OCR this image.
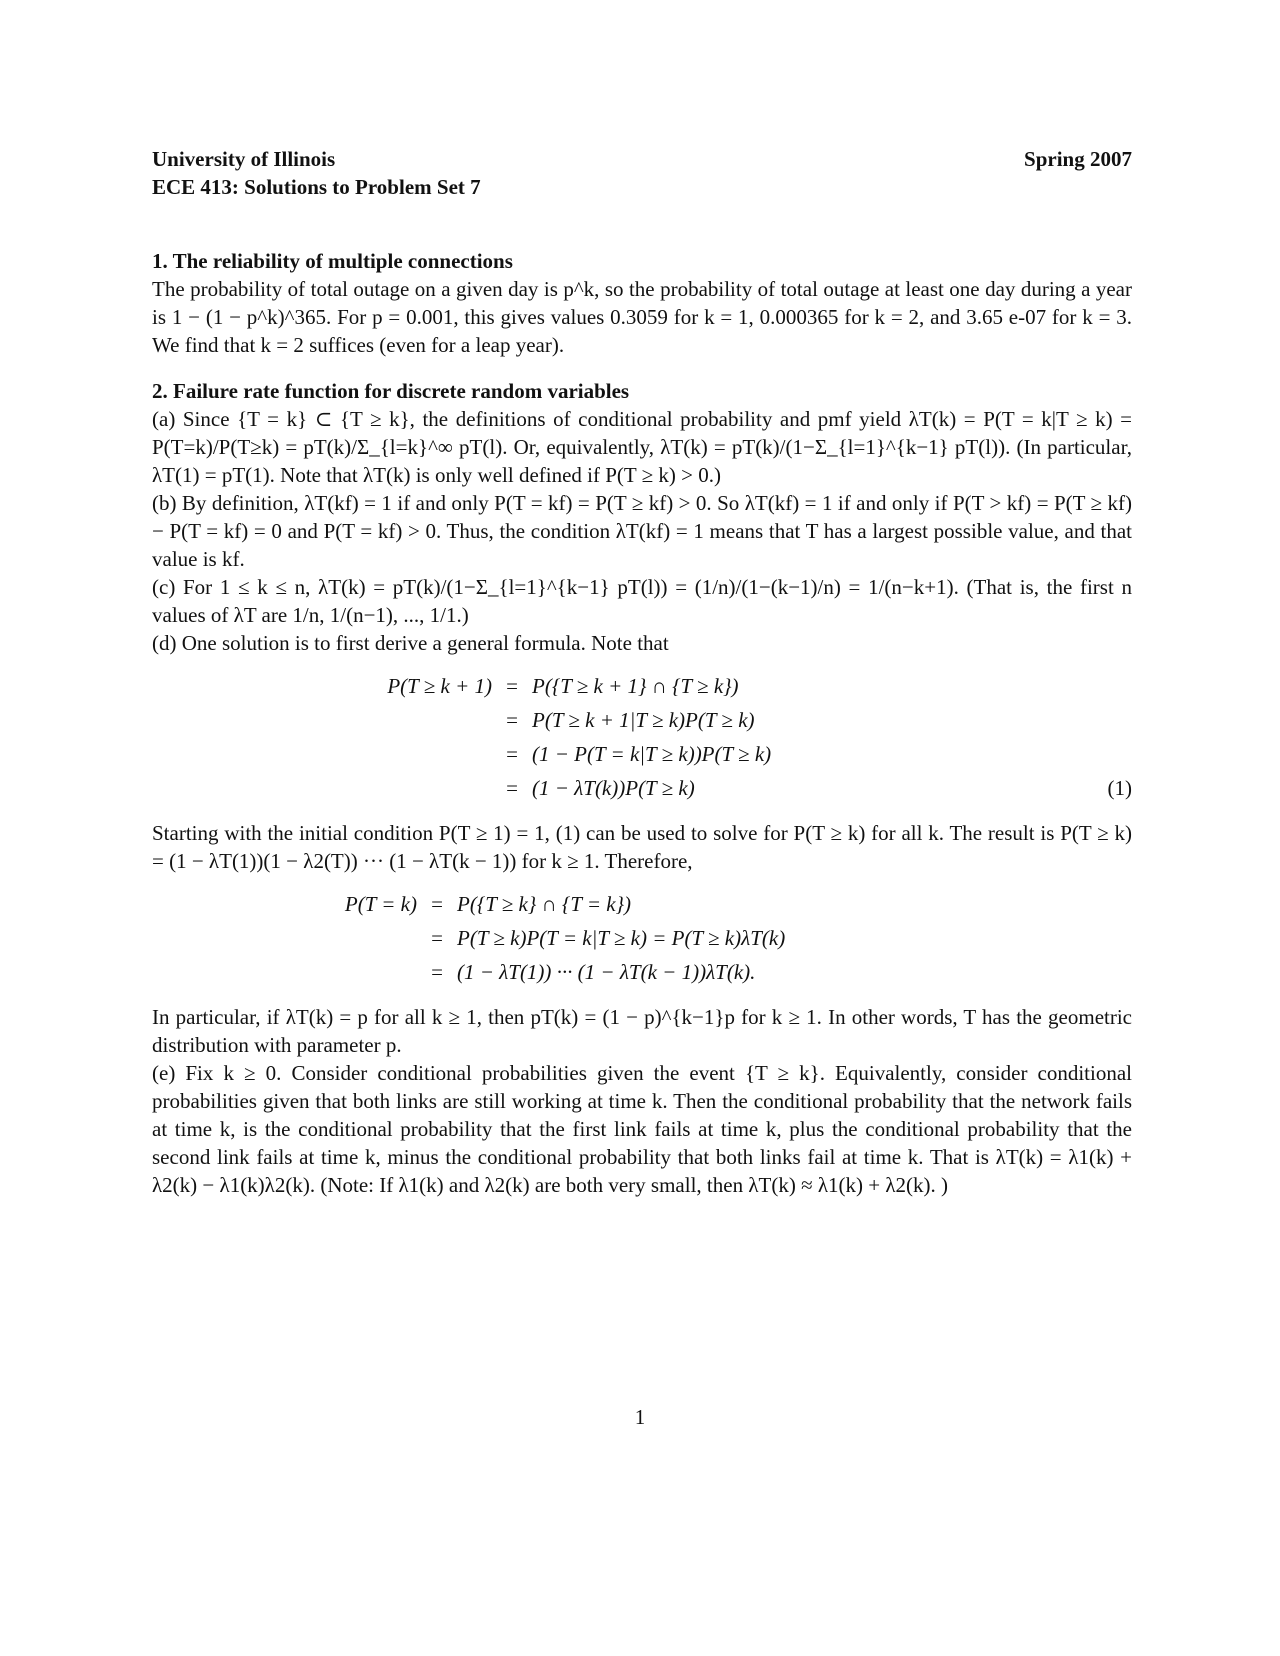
University of Illinois	Spring 2007
ECE 413: Solutions to Problem Set 7
1. The reliability of multiple connections

The probability of total outage on a given day is p^k, so the probability of total outage at least one day during a year is 1 − (1 − p^k)^365. For p = 0.001, this gives values 0.3059 for k = 1, 0.000365 for k = 2, and 3.65 e-07 for k = 3. We find that k = 2 suffices (even for a leap year).

2. Failure rate function for discrete random variables

(a) Since {T = k} ⊂ {T ≥ k}, the definitions of conditional probability and pmf yield λT(k) = P(T = k|T ≥ k) = P(T=k)/P(T≥k) = pT(k)/Σ_{l=k}^∞ pT(l). Or, equivalently, λT(k) = pT(k)/(1−Σ_{l=1}^{k−1} pT(l)). (In particular, λT(1) = pT(1). Note that λT(k) is only well defined if P(T ≥ k) > 0.)

(b) By definition, λT(kf) = 1 if and only P(T = kf) = P(T ≥ kf) > 0. So λT(kf) = 1 if and only if P(T > kf) = P(T ≥ kf) − P(T = kf) = 0 and P(T = kf) > 0. Thus, the condition λT(kf) = 1 means that T has a largest possible value, and that value is kf.

(c) For 1 ≤ k ≤ n, λT(k) = pT(k)/(1−Σ_{l=1}^{k−1} pT(l)) = (1/n)/(1−(k−1)/n) = 1/(n−k+1). (That is, the first n values of λT are 1/n, 1/(n−1), ..., 1/1.)

(d) One solution is to first derive a general formula. Note that

P(T ≥ k + 1) = P({T ≥ k + 1} ∩ {T ≥ k})
= P(T ≥ k + 1|T ≥ k)P(T ≥ k)
= (1 − P(T = k|T ≥ k))P(T ≥ k)
= (1 − λT(k))P(T ≥ k)	(1)

Starting with the initial condition P(T ≥ 1) = 1, (1) can be used to solve for P(T ≥ k) for all k. The result is P(T ≥ k) = (1 − λT(1))(1 − λ2(T)) ··· (1 − λT(k − 1)) for k ≥ 1. Therefore,

P(T = k) = P({T ≥ k} ∩ {T = k})
= P(T ≥ k)P(T = k|T ≥ k) = P(T ≥ k)λT(k)
= (1 − λT(1)) ··· (1 − λT(k − 1))λT(k).

In particular, if λT(k) = p for all k ≥ 1, then pT(k) = (1 − p)^{k−1}p for k ≥ 1. In other words, T has the geometric distribution with parameter p.

(e) Fix k ≥ 0. Consider conditional probabilities given the event {T ≥ k}. Equivalently, consider conditional probabilities given that both links are still working at time k. Then the conditional probability that the network fails at time k, is the conditional probability that the first link fails at time k, plus the conditional probability that the second link fails at time k, minus the conditional probability that both links fail at time k. That is λT(k) = λ1(k) + λ2(k) − λ1(k)λ2(k). (Note: If λ1(k) and λ2(k) are both very small, then λT(k) ≈ λ1(k) + λ2(k). )

1
